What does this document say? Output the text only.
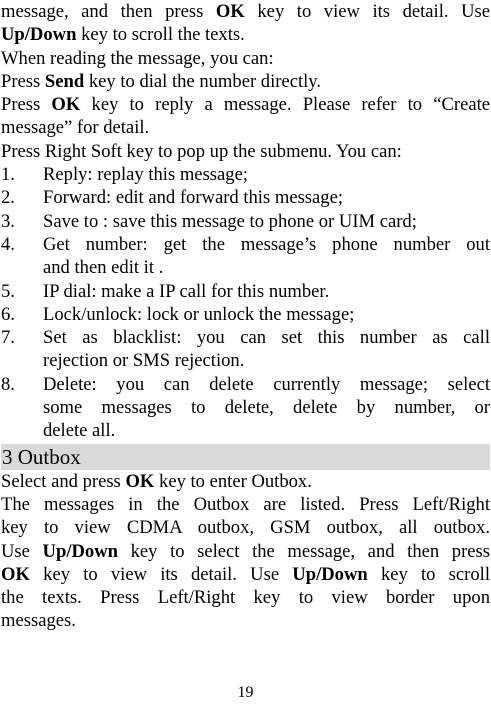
message, and then press OK key to view its detail. Use
Up/Down key to scroll the texts.
When reading the message, you can:
Press Send key to dial the number directly.
Press OK key to reply a message. Please refer to “Create
message” for detail.
Press Right Soft key to pop up the submenu. You can:
1.	Reply: replay this message;
2.	Forward: edit and forward this message;
3.	Save to : save this message to phone or UIM card;
4.	Get number: get the message’s phone number out
and then edit it .
5.	IP dial: make a IP call for this number.
6.	Lock/unlock: lock or unlock the message;
7.	Set as blacklist: you can set this number as call
rejection or SMS rejection.
8.	Delete: you can delete currently message; select
some messages to delete, delete by number, or
delete all.
3 Outbox
Select and press OK key to enter Outbox.
The messages in the Outbox are listed. Press Left/Right
key to view CDMA outbox, GSM outbox, all outbox.
Use Up/Down key to select the message, and then press
OK key to view its detail. Use Up/Down key to scroll
the texts. Press Left/Right key to view border upon
messages.
19
